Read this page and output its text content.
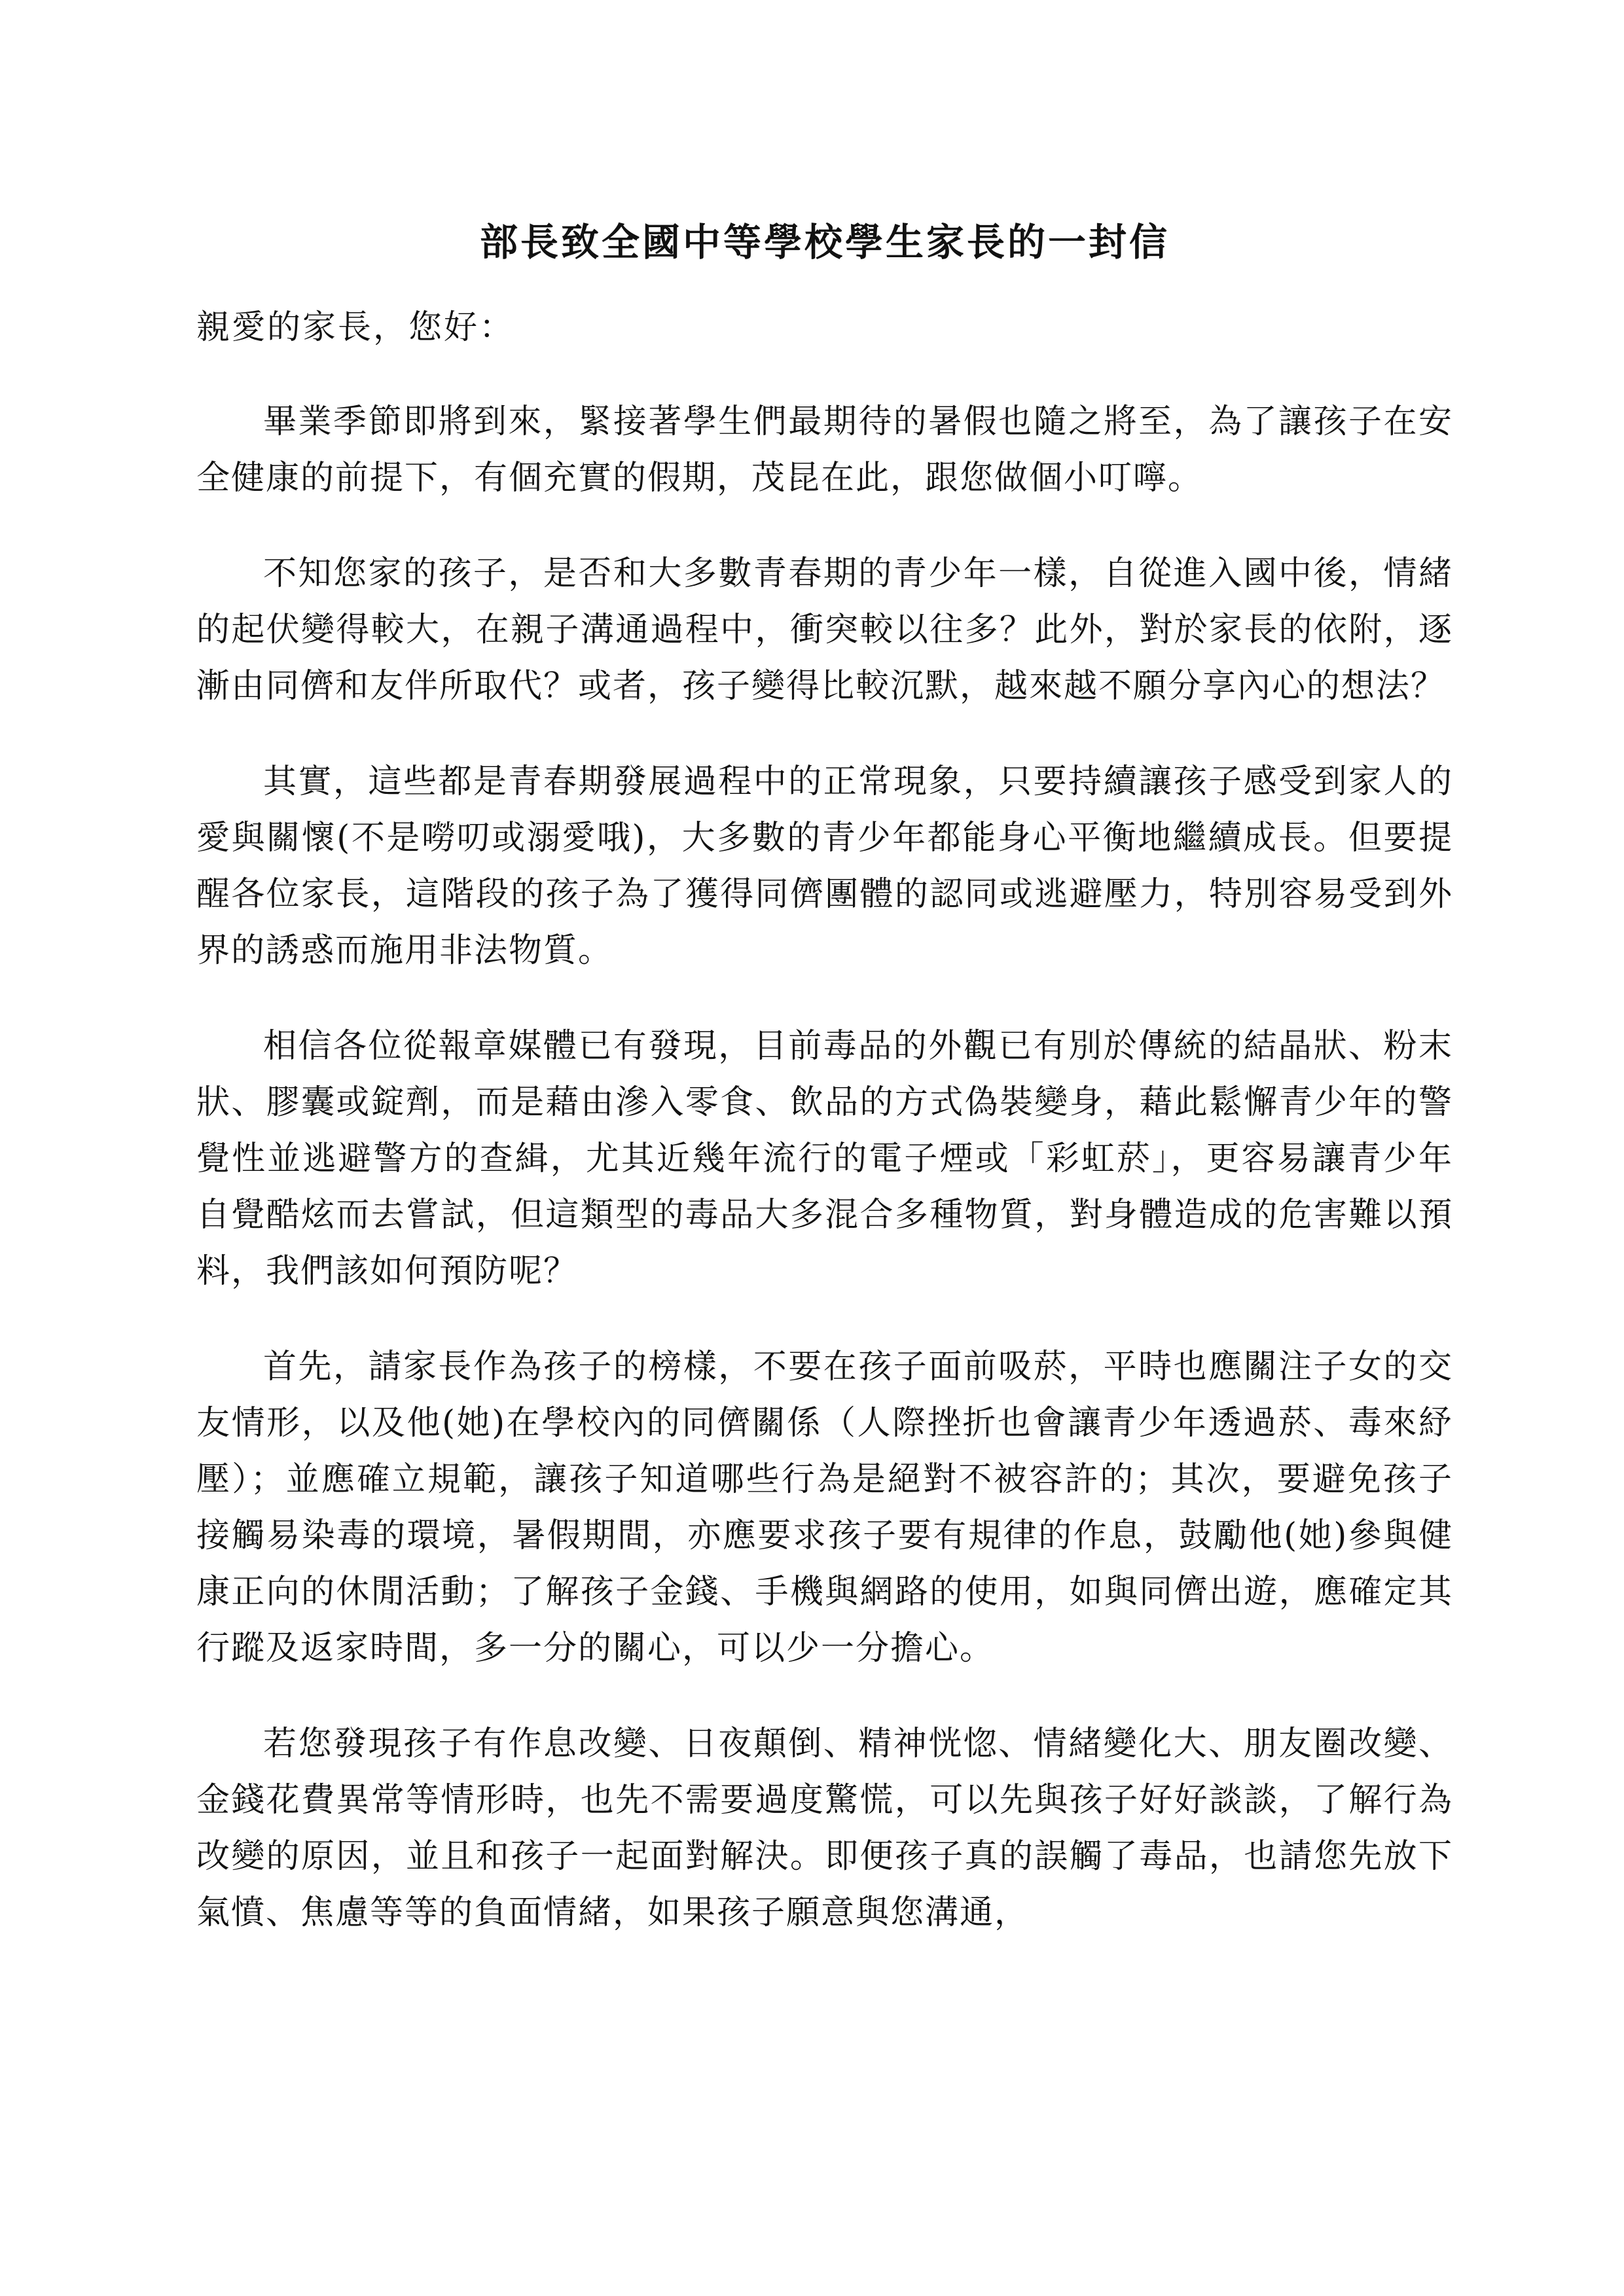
部長致全國中等學校學生家長的一封信

親愛的家長，您好：

畢業季節即將到來，緊接著學生們最期待的暑假也隨之將至，為了讓孩子在安全健康的前提下，有個充實的假期，茂昆在此，跟您做個小叮嚀。

不知您家的孩子，是否和大多數青春期的青少年一樣，自從進入國中後，情緒的起伏變得較大，在親子溝通過程中，衝突較以往多？此外，對於家長的依附，逐漸由同儕和友伴所取代？或者，孩子變得比較沉默，越來越不願分享內心的想法？

其實，這些都是青春期發展過程中的正常現象，只要持續讓孩子感受到家人的愛與關懷(不是嘮叨或溺愛哦)，大多數的青少年都能身心平衡地繼續成長。但要提醒各位家長，這階段的孩子為了獲得同儕團體的認同或逃避壓力，特別容易受到外界的誘惑而施用非法物質。

相信各位從報章媒體已有發現，目前毒品的外觀已有別於傳統的結晶狀、粉末狀、膠囊或錠劑，而是藉由滲入零食、飲品的方式偽裝變身，藉此鬆懈青少年的警覺性並逃避警方的查緝，尤其近幾年流行的電子煙或「彩虹菸」，更容易讓青少年自覺酷炫而去嘗試，但這類型的毒品大多混合多種物質，對身體造成的危害難以預料，我們該如何預防呢？

首先，請家長作為孩子的榜樣，不要在孩子面前吸菸，平時也應關注子女的交友情形，以及他(她)在學校內的同儕關係（人際挫折也會讓青少年透過菸、毒來紓壓）；並應確立規範，讓孩子知道哪些行為是絕對不被容許的；其次，要避免孩子接觸易染毒的環境，暑假期間，亦應要求孩子要有規律的作息，鼓勵他(她)參與健康正向的休閒活動；了解孩子金錢、手機與網路的使用，如與同儕出遊，應確定其行蹤及返家時間，多一分的關心，可以少一分擔心。

若您發現孩子有作息改變、日夜顛倒、精神恍惚、情緒變化大、朋友圈改變、金錢花費異常等情形時，也先不需要過度驚慌，可以先與孩子好好談談，了解行為改變的原因，並且和孩子一起面對解決。即便孩子真的誤觸了毒品，也請您先放下氣憤、焦慮等等的負面情緒，如果孩子願意與您溝通，
